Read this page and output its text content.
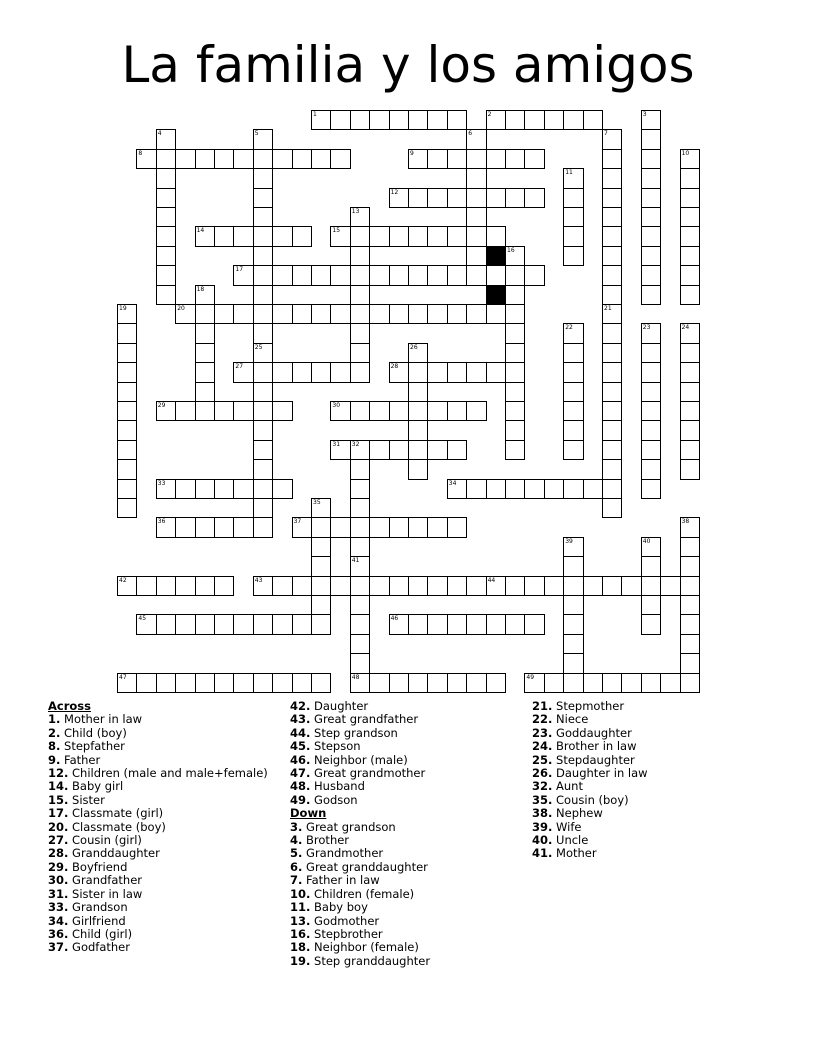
La familia y los amigos
1	2
8	9
12
14	15
17
20
27	28
29	30
31 32
33	34
36	37
42	43	44
45	46
47	48	49
3
4	5
25
6	7
21
10
11
13
16
18
19
22	23	24
26
35
38
39	40
41
Across
1. Mother in law
2. Child (boy)
8. Stepfather
9. Father
12. Children (male and male+female)
14. Baby girl
15. Sister
17. Classmate (girl)
20. Classmate (boy)
27. Cousin (girl)
28. Granddaughter
29. Boyfriend
30. Grandfather
31. Sister in law
33. Grandson
34. Girlfriend
36. Child (girl)
37. Godfather
42. Daughter
43. Great grandfather
44. Step grandson
45. Stepson
46. Neighbor (male)
47. Great grandmother
48. Husband
49. Godson
Down
3. Great grandson
4. Brother
5. Grandmother
6. Great granddaughter
7. Father in law
10. Children (female)
11. Baby boy
13. Godmother
16. Stepbrother
18. Neighbor (female)
19. Step granddaughter
21. Stepmother
22. Niece
23. Goddaughter
24. Brother in law
25. Stepdaughter
26. Daughter in law
32. Aunt
35. Cousin (boy)
38. Nephew
39. Wife
40. Uncle
41. Mother
